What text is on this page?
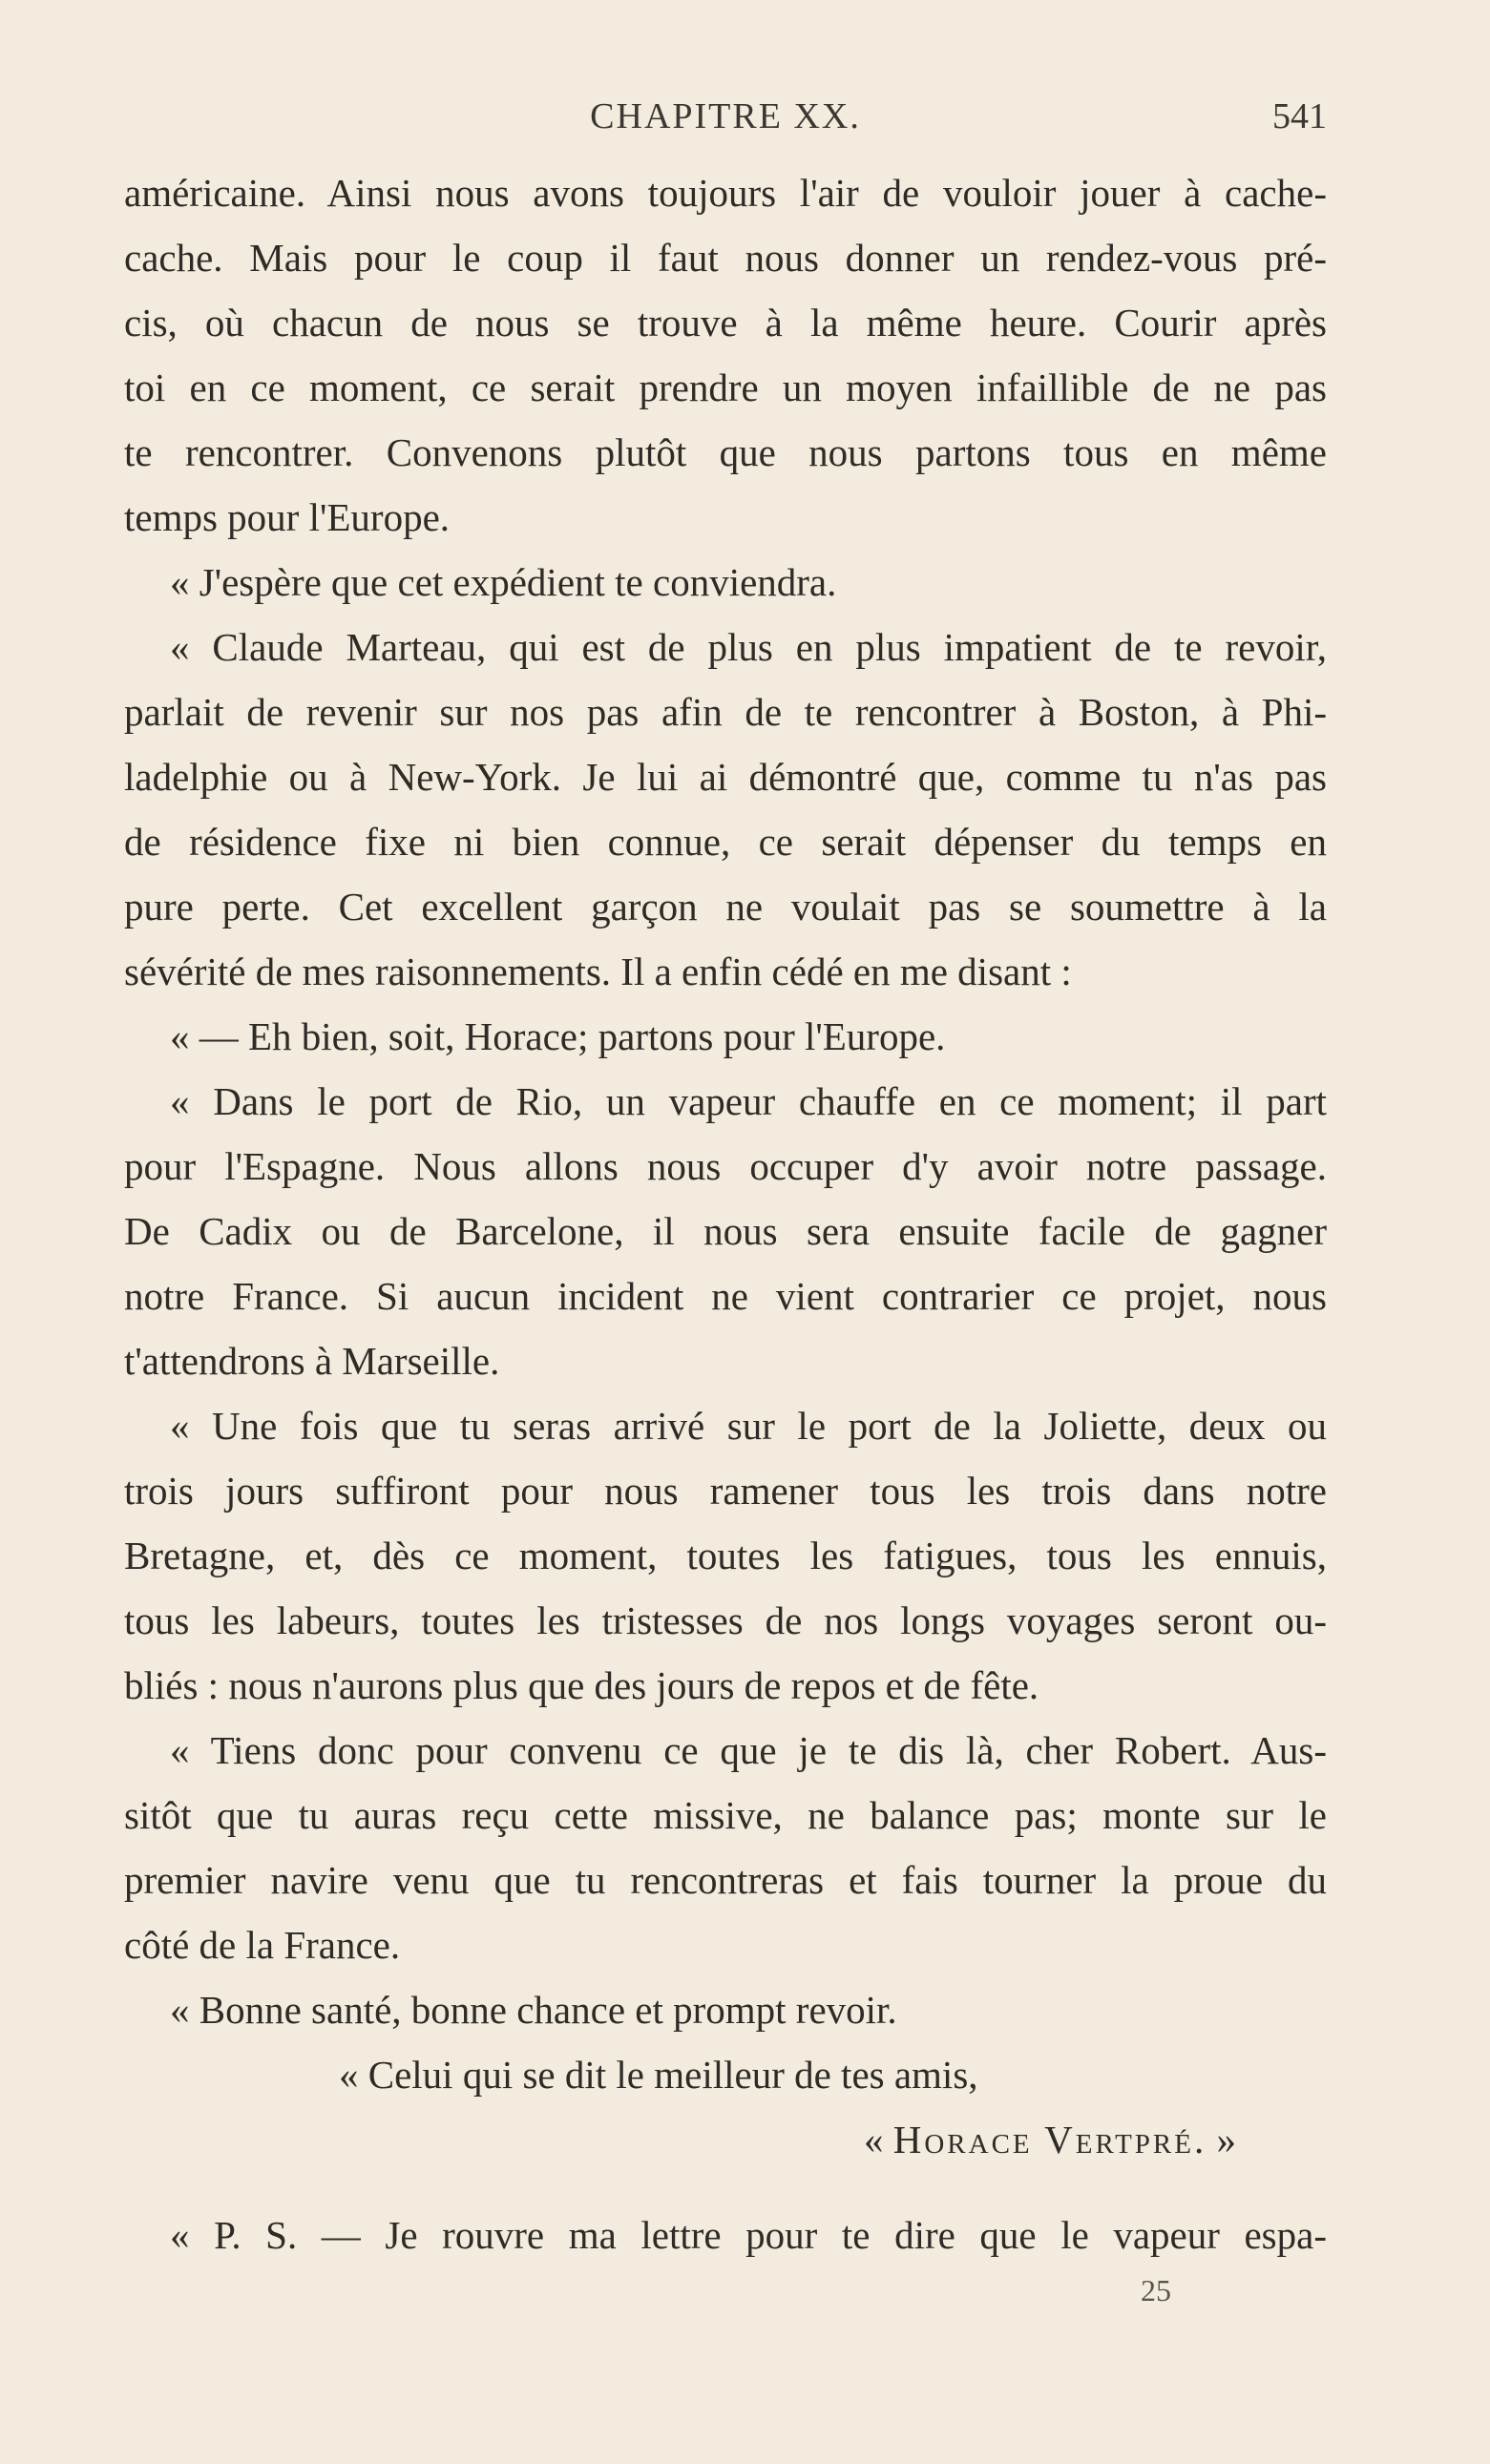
CHAPITRE XX.	541
américaine. Ainsi nous avons toujours l'air de vouloir jouer à cache-
cache. Mais pour le coup il faut nous donner un rendez-vous pré-
cis, où chacun de nous se trouve à la même heure. Courir après
toi en ce moment, ce serait prendre un moyen infaillible de ne pas
te rencontrer. Convenons plutôt que nous partons tous en même
temps pour l'Europe.
« J'espère que cet expédient te conviendra.
« Claude Marteau, qui est de plus en plus impatient de te revoir,
parlait de revenir sur nos pas afin de te rencontrer à Boston, à Phi-
ladelphie ou à New-York. Je lui ai démontré que, comme tu n'as pas
de résidence fixe ni bien connue, ce serait dépenser du temps en
pure perte. Cet excellent garçon ne voulait pas se soumettre à la
sévérité de mes raisonnements. Il a enfin cédé en me disant :
« — Eh bien, soit, Horace; partons pour l'Europe.
« Dans le port de Rio, un vapeur chauffe en ce moment; il part
pour l'Espagne. Nous allons nous occuper d'y avoir notre passage.
De Cadix ou de Barcelone, il nous sera ensuite facile de gagner
notre France. Si aucun incident ne vient contrarier ce projet, nous
t'attendrons à Marseille.
« Une fois que tu seras arrivé sur le port de la Joliette, deux ou
trois jours suffiront pour nous ramener tous les trois dans notre
Bretagne, et, dès ce moment, toutes les fatigues, tous les ennuis,
tous les labeurs, toutes les tristesses de nos longs voyages seront ou-
bliés : nous n'aurons plus que des jours de repos et de fête.
« Tiens donc pour convenu ce que je te dis là, cher Robert. Aus-
sitôt que tu auras reçu cette missive, ne balance pas; monte sur le
premier navire venu que tu rencontreras et fais tourner la proue du
côté de la France.
« Bonne santé, bonne chance et prompt revoir.
« Celui qui se dit le meilleur de tes amis,
« Horace Vertpré. »
« P. S. — Je rouvre ma lettre pour te dire que le vapeur espa-
25
